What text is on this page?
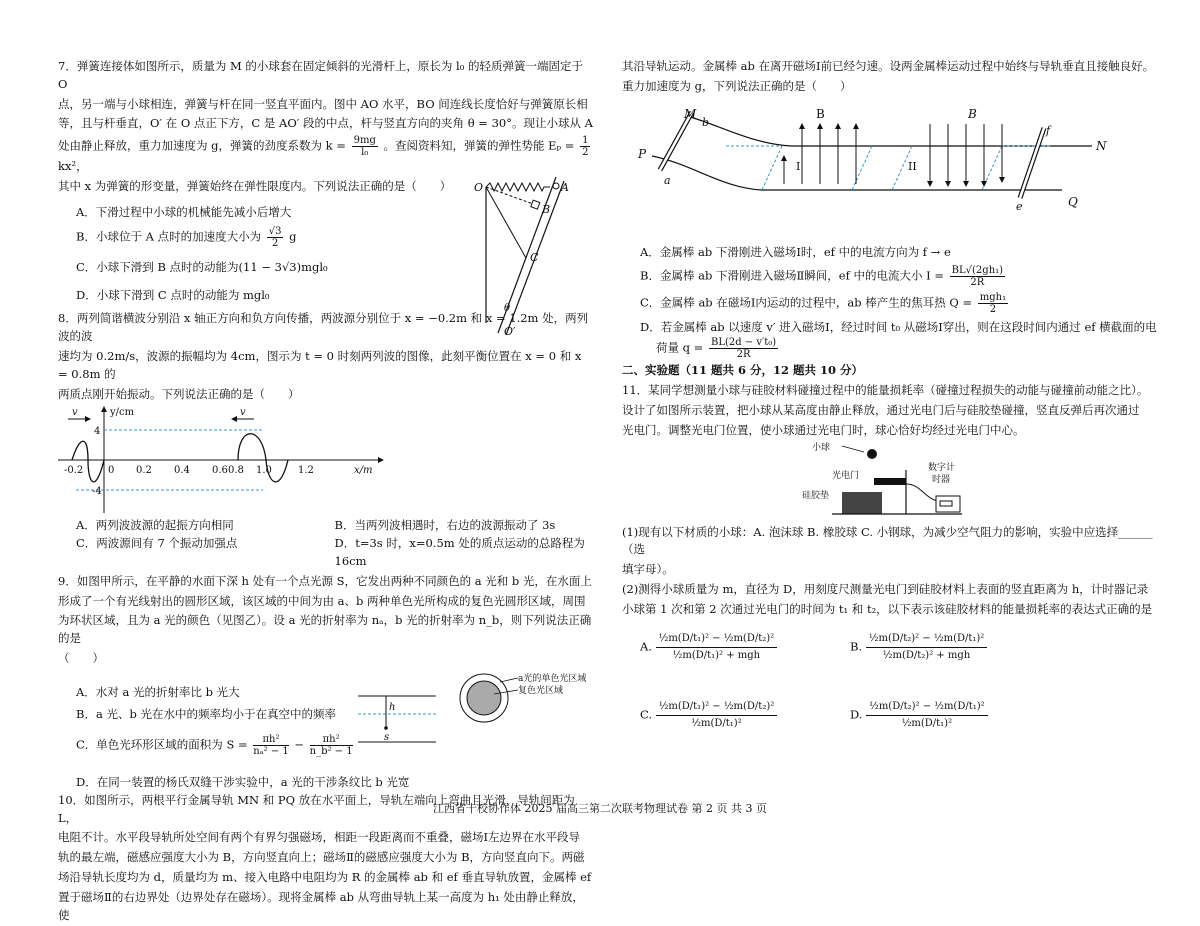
7．弹簧连接体如图所示，质量为 M 的小球套在固定倾斜的光滑杆上，原长为 l₀ 的轻质弹簧一端固定于 O

点，另一端与小球相连，弹簧与杆在同一竖直平面内。图中 AO 水平，BO 间连线长度恰好与弹簧原长相

等，且与杆垂直，O′ 在 O 点正下方，C 是 AO′ 段的中点，杆与竖直方向的夹角 θ = 30°。现让小球从 A

处由静止释放，重力加速度为 g，弹簧的劲度系数为 $k = \frac{9mg}{\text{l₀}}$ 。查阅资料知，弹簧的弹性势能 $E_p = \frac{1}{2}$
kx²，

其中 x 为弹簧的形变量，弹簧始终在弹性限度内。下列说法正确的是（　　）

A．下滑过程中小球的机械能先减小后增大

B．小球位于 A 点时的加速度大小为 $\frac{√3}{2}$ g

C．小球下滑到 B 点时的动能为(11 − 3√3)mgl₀

D．小球下滑到 C 点时的动能为 mgl₀

O	A
B
C
θ
O′

8．两列简谐横波分别沿 x 轴正方向和负方向传播，两波源分别位于 x = −0.2m 和 x = 1.2m 处，两列波的波

速均为 0.2m/s，波源的振幅均为 4cm，图示为 t = 0 时刻两列波的图像，此刻平衡位置在 x = 0 和 x = 0.8m 的

两质点刚开始振动。下列说法正确的是（　　）

v	v
y/cm
x/m
4
-4
-0.2 0 0.2 0.4 0.6 0.8 1.0	1.2
A．两列波波源的起振方向相同	B．当两列波相遇时，右边的波源振动了 3s
C．两波源间有 7 个振动加强点	D．t=3s 时，x=0.5m 处的质点运动的总路程为 16cm

9．如图甲所示，在平静的水面下深 h 处有一个点光源 S，它发出两种不同颜色的 a 光和 b 光，在水面上

形成了一个有光线射出的圆形区域，该区域的中间为由 a、b 两种单色光所构成的复色光圆形区域，周围

为环状区域，且为 a 光的颜色（见图乙）。设 a 光的折射率为 nₐ，b 光的折射率为 n_b，则下列说法正确的是

（　　）

A．水对 a 光的折射率比 b 光大

B．a 光、b 光在水中的频率均小于在真空中的频率

C．单色光环形区域的面积为 $S = \frac{\text{πh²}}{\text{nₐ² − 1}} - \frac{\text{πh²}}{\text{n\_b² − 1}}$

h
s
a光的单色光区域
复色光区域

D．在同一装置的杨氏双缝干涉实验中，a 光的干涉条纹比 b 光宽

10．如图所示，两根平行金属导轨 MN 和 PQ 放在水平面上，导轨左端向上弯曲且光滑，导轨间距为 L，

电阻不计。水平段导轨所处空间有两个有界匀强磁场，相距一段距离而不重叠，磁场Ⅰ左边界在水平段导

轨的最左端，磁感应强度大小为 B，方向竖直向上；磁场Ⅱ的磁感应强度大小为 B，方向竖直向下。两磁

场沿导轨长度均为 d，质量均为 m、接入电路中电阻均为 R 的金属棒 ab 和 ef 垂直导轨放置，金属棒 ef

置于磁场Ⅱ的右边界处（边界处存在磁场）。现将金属棒 ab 从弯曲导轨上某一高度为 h₁ 处由静止释放，使

其沿导轨运动。金属棒 ab 在离开磁场Ⅰ前已经匀速。设两金属棒运动过程中始终与导轨垂直且接触良好。

重力加速度为 g，下列说法正确的是（　　）

M
b
P
a
B	B
I	II
f
N
e	Q

A．金属棒 ab 下滑刚进入磁场Ⅰ时，ef 中的电流方向为 f → e

B．金属棒 ab 下滑刚进入磁场Ⅱ瞬间，ef 中的电流大小 $I = \frac{\text{BL√(2gh₁)}}{2R}$

C．金属棒 ab 在磁场Ⅰ内运动的过程中，ab 棒产生的焦耳热 $Q = \frac{\text{mgh₁}}{2}$

D．若金属棒 ab 以速度 v′ 进入磁场Ⅰ，经过时间 t₀ 从磁场Ⅰ穿出，则在这段时间内通过 ef 横截面的电

荷量 $q = \frac{\text{BL(2d − v′t₀)}}{2R}$

二、实验题（11 题共 6 分，12 题共 10 分）

11．某同学想测量小球与硅胶材料碰撞过程中的能量损耗率（碰撞过程损失的动能与碰撞前动能之比）。

设计了如图所示装置，把小球从某高度由静止释放，通过光电门后与硅胶垫碰撞，竖直反弹后再次通过

光电门。调整光电门位置，使小球通过光电门时，球心恰好均经过光电门中心。

小球
光电门
硅胶垫
数字计
时器

(1)现有以下材质的小球：A. 泡沫球 B. 橡胶球 C. 小钢球，为减少空气阻力的影响，实验中应选择______（选

填字母）。

(2)测得小球质量为 m，直径为 D，用刻度尺测量光电门到硅胶材料上表面的竖直距离为 h，计时器记录

小球第 1 次和第 2 次通过光电门的时间为 t₁ 和 t₂，以下表示该硅胶材料的能量损耗率的表达式正确的是

A. $\frac{\text{½m(D/t₁)² − ½m(D/t₂)²}}{\text{½m(D/t₁)² + mgh}}$	B. $\frac{\text{½m(D/t₂)² − ½m(D/t₁)²}}{\text{½m(D/t₂)² + mgh}}$
C. $\frac{\text{½m(D/t₁)² − ½m(D/t₂)²}}{\text{½m(D/t₁)²}}$	D. $\frac{\text{½m(D/t₂)² − ½m(D/t₁)²}}{\text{½m(D/t₁)²}}$
江西省十校协作体 2025 届高三第二次联考物理试卷 第 2 页 共 3 页
